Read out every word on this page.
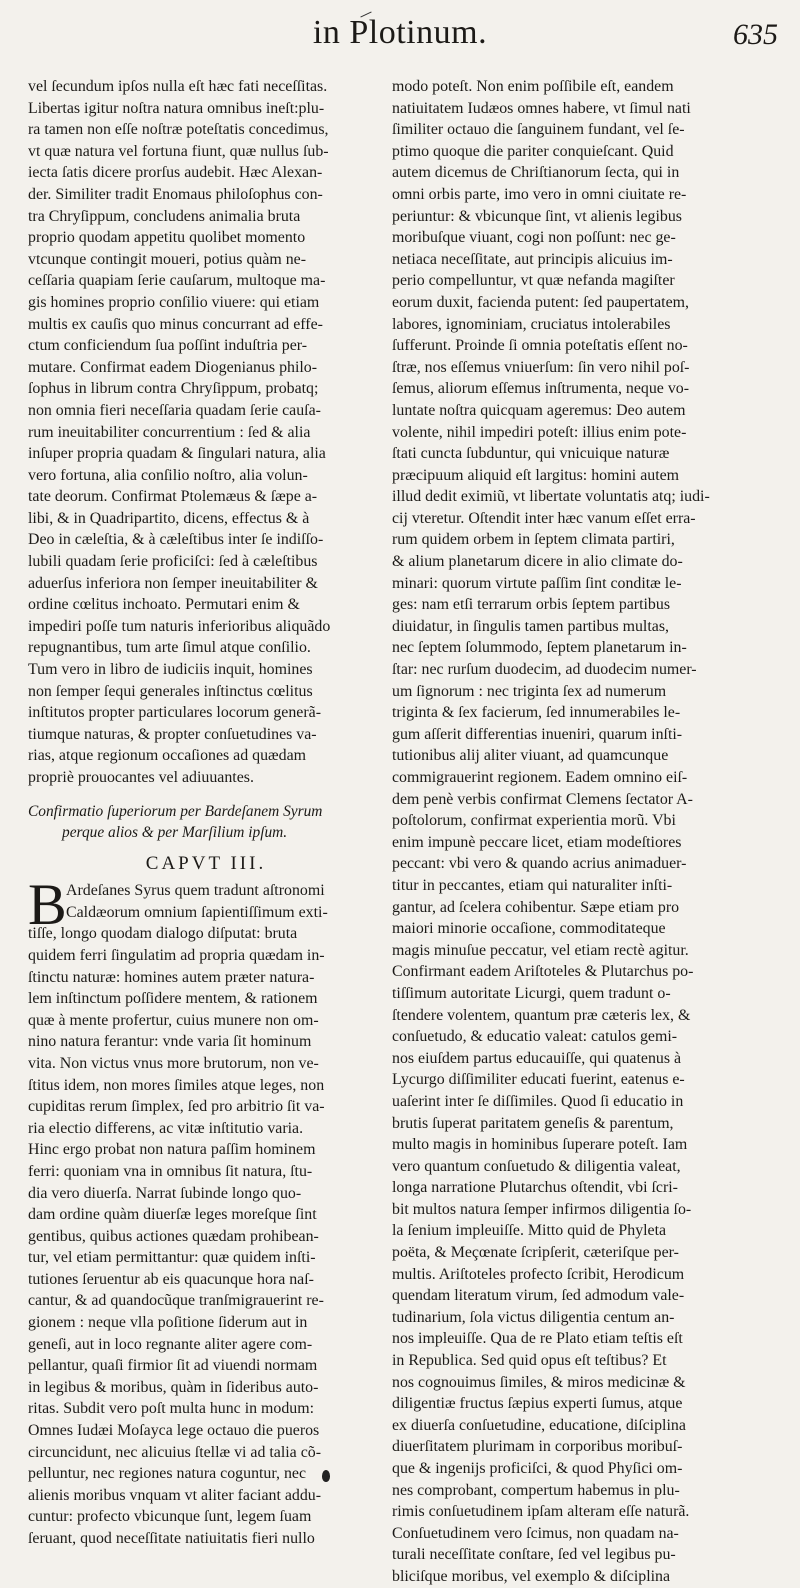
in Plotinum.	635
vel ſecundum ipſos nulla eſt hæc fati neceſſitas.
Libertas igitur noſtra natura omnibus ineſt:plu-
ra tamen non eſſe noſtræ poteſtatis concedimus,
vt quæ natura vel fortuna fiunt, quæ nullus ſub-
iecta ſatis dicere prorſus audebit. Hæc Alexan-
der. Similiter tradit Enomaus philoſophus con-
tra Chryſippum, concludens animalia bruta
proprio quodam appetitu quolibet momento
vtcunque contingit moueri, potius quàm ne-
ceſſaria quapiam ſerie cauſarum, multoque ma-
gis homines proprio conſilio viuere: qui etiam
multis ex cauſis quo minus concurrant ad effe-
ctum conficiendum ſua poſſint induſtria per-
mutare. Confirmat eadem Diogenianus philo-
ſophus in librum contra Chryſippum, probatq;
non omnia fieri neceſſaria quadam ſerie cauſa-
rum ineuitabiliter concurrentium : ſed & alia
inſuper propria quadam & ſingulari natura, alia
vero fortuna, alia conſilio noſtro, alia volun-
tate deorum. Confirmat Ptolemæus & ſæpe a-
libi, & in Quadripartito, dicens, effectus & à
Deo in cæleſtia, & à cæleſtibus inter ſe indiſſo-
lubili quadam ſerie proficiſci: ſed à cæleſtibus
aduerſus inferiora non ſemper ineuitabiliter &
ordine cœlitus inchoato. Permutari enim &
impediri poſſe tum naturis inferioribus aliquãdo
repugnantibus, tum arte ſimul atque conſilio.
Tum vero in libro de iudiciis inquit, homines
non ſemper ſequi generales inſtinctus cœlitus
inſtitutos propter particulares locorum generã-
tiumque naturas, & propter conſuetudines va-
rias, atque regionum occaſiones ad quædam
propriè prouocantes vel adiuuantes.
Confirmatio ſuperiorum per Bardeſanem Syrum
perque alios & per Marſilium ipſum.
CAPVT III.
B Ardeſanes Syrus quem tradunt aſtronomi
Caldæorum omnium ſapientiſſimum exti-
tiſſe, longo quodam dialogo diſputat: bruta
quidem ferri ſingulatim ad propria quædam in-
ſtinctu naturæ: homines autem præter natura-
lem inſtinctum poſſidere mentem, & rationem
quæ à mente profertur, cuius munere non om-
nino natura ferantur: vnde varia ſit hominum
vita. Non victus vnus more brutorum, non ve-
ſtitus idem, non mores ſimiles atque leges, non
cupiditas rerum ſimplex, ſed pro arbitrio ſit va-
ria electio differens, ac vitæ inſtitutio varia.
Hinc ergo probat non natura paſſim hominem
ferri: quoniam vna in omnibus ſit natura, ſtu-
dia vero diuerſa. Narrat ſubinde longo quo-
dam ordine quàm diuerſæ leges moreſque ſint
gentibus, quibus actiones quædam prohibean-
tur, vel etiam permittantur: quæ quidem inſti-
tutiones ſeruentur ab eis quacunque hora naſ-
cantur, & ad quandocũque tranſmigrauerint re-
gionem : neque vlla poſitione ſiderum aut in
geneſi, aut in loco regnante aliter agere com-
pellantur, quaſi firmior ſit ad viuendi normam
in legibus & moribus, quàm in ſideribus auto-
ritas. Subdit vero poſt multa hunc in modum:
Omnes Iudæi Moſayca lege octauo die pueros
circuncidunt, nec alicuius ſtellæ vi ad talia cõ-
pelluntur, nec regiones natura coguntur, nec
alienis moribus vnquam vt aliter faciant addu-
cuntur: profecto vbicunque ſunt, legem ſuam
ſeruant, quod neceſſitate natiuitatis fieri nullo
modo poteſt. Non enim poſſibile eſt, eandem
natiuitatem Iudæos omnes habere, vt ſimul nati
ſimiliter octauo die ſanguinem fundant, vel ſe-
ptimo quoque die pariter conquieſcant. Quid
autem dicemus de Chriſtianorum ſecta, qui in
omni orbis parte, imo vero in omni ciuitate re-
periuntur: & vbicunque ſint, vt alienis legibus
moribuſque viuant, cogi non poſſunt: nec ge-
netiaca neceſſitate, aut principis alicuius im-
perio compelluntur, vt quæ nefanda magiſter
eorum duxit, facienda putent: ſed paupertatem,
labores, ignominiam, cruciatus intolerabiles
ſufferunt. Proinde ſi omnia poteſtatis eſſent no-
ſtræ, nos eſſemus vniuerſum: ſin vero nihil poſ-
ſemus, aliorum eſſemus inſtrumenta, neque vo-
luntate noſtra quicquam ageremus: Deo autem
volente, nihil impediri poteſt: illius enim pote-
ſtati cuncta ſubduntur, qui vnicuique naturæ
præcipuum aliquid eſt largitus: homini autem
illud dedit eximiũ, vt libertate voluntatis atq; iudi-
cij vteretur. Oſtendit inter hæc vanum eſſet erra-
rum quidem orbem in ſeptem climata partiri,
& alium planetarum dicere in alio climate do-
minari: quorum virtute paſſim ſint conditæ le-
ges: nam etſi terrarum orbis ſeptem partibus
diuidatur, in ſingulis tamen partibus multas,
nec ſeptem ſolummodo, ſeptem planetarum in-
ſtar: nec rurſum duodecim, ad duodecim numer-
um ſignorum : nec triginta ſex ad numerum
triginta & ſex facierum, ſed innumerabiles le-
gum aſſerit differentias inueniri, quarum inſti-
tutionibus alij aliter viuant, ad quamcunque
commigrauerint regionem. Eadem omnino eiſ-
dem penè verbis confirmat Clemens ſectator A-
poſtolorum, confirmat experientia morũ. Vbi
enim impunè peccare licet, etiam modeſtiores
peccant: vbi vero & quando acrius animaduer-
titur in peccantes, etiam qui naturaliter inſti-
gantur, ad ſcelera cohibentur. Sæpe etiam pro
maiori minorie occaſione, commoditateque
magis minuſue peccatur, vel etiam rectè agitur.
Confirmant eadem Ariſtoteles & Plutarchus po-
tiſſimum autoritate Licurgi, quem tradunt o-
ſtendere volentem, quantum præ cæteris lex, &
conſuetudo, & educatio valeat: catulos gemi-
nos eiuſdem partus educauiſſe, qui quatenus à
Lycurgo diſſimiliter educati fuerint, eatenus e-
uaſerint inter ſe diſſimiles. Quod ſi educatio in
brutis ſuperat paritatem geneſis & parentum,
multo magis in hominibus ſuperare poteſt. Iam
vero quantum conſuetudo & diligentia valeat,
longa narratione Plutarchus oſtendit, vbi ſcri-
bit multos natura ſemper infirmos diligentia ſo-
la ſenium impleuiſſe. Mitto quid de Phyleta
poëta, & Meçœnate ſcripſerit, cæteriſque per-
multis. Ariſtoteles profecto ſcribit, Herodicum
quendam literatum virum, ſed admodum vale-
tudinarium, ſola victus diligentia centum an-
nos impleuiſſe. Qua de re Plato etiam teſtis eſt
in Republica. Sed quid opus eſt teſtibus? Et
nos cognouimus ſimiles, & miros medicinæ &
diligentiæ fructus ſæpius experti ſumus, atque
ex diuerſa conſuetudine, educatione, diſciplina
diuerſitatem plurimam in corporibus moribuſ-
que & ingenijs proficiſci, & quod Phyſici om-
nes comprobant, compertum habemus in plu-
rimis conſuetudinem ipſam alteram eſſe naturã.
Conſuetudinem vero ſcimus, non quadam na-
turali neceſſitate conſtare, ſed vel legibus pu-
bliciſque moribus, vel exemplo & diſciplina
